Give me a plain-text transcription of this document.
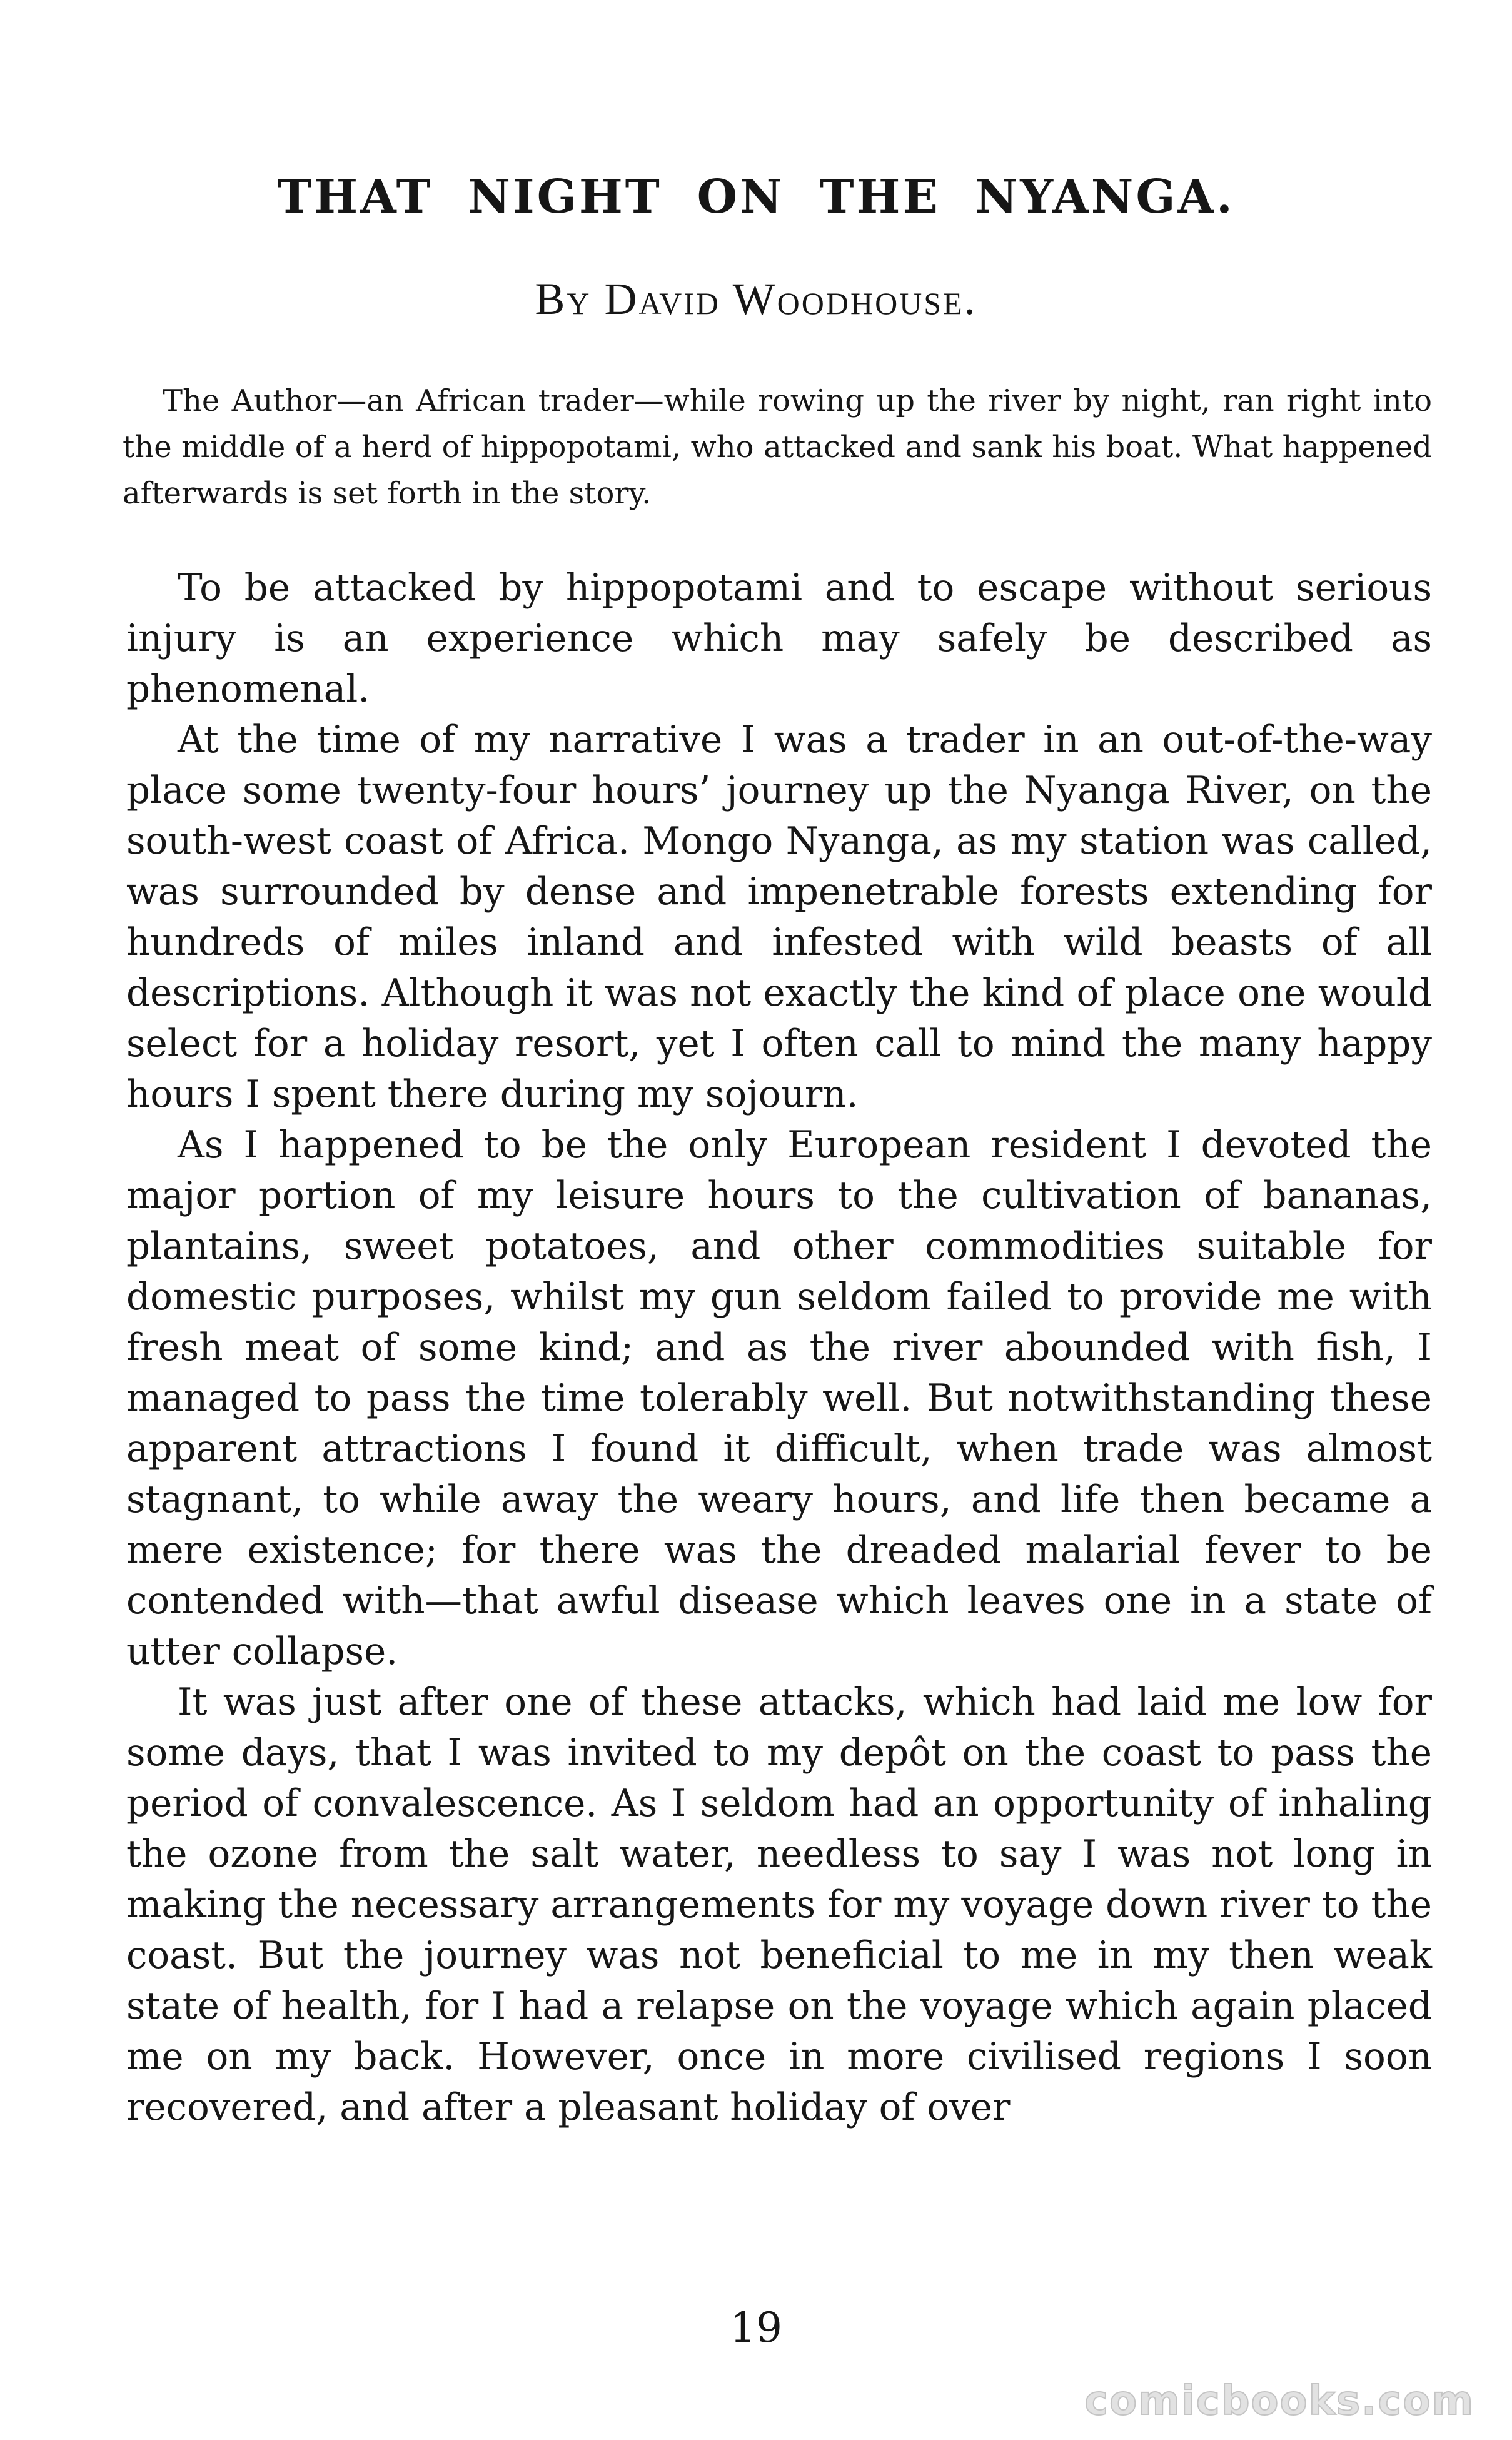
THAT NIGHT ON THE NYANGA.
By David Woodhouse.

The Author—an African trader—while rowing up the river by night, ran right into the middle of a herd of hippopotami, who attacked and sank his boat. What happened afterwards is set forth in the story.

To be attacked by hippopotami and to escape without serious injury is an experience which may safely be described as phenomenal.

At the time of my narrative I was a trader in an out-of-the-way place some twenty-four hours’ journey up the Nyanga River, on the south-west coast of Africa. Mongo Nyanga, as my station was called, was surrounded by dense and impenetrable forests extending for hundreds of miles inland and infested with wild beasts of all descriptions. Although it was not exactly the kind of place one would select for a holiday resort, yet I often call to mind the many happy hours I spent there during my sojourn.

As I happened to be the only European resident I devoted the major portion of my leisure hours to the cultivation of bananas, plantains, sweet potatoes, and other commodities suitable for domestic purposes, whilst my gun seldom failed to provide me with fresh meat of some kind; and as the river abounded with fish, I managed to pass the time tolerably well. But notwithstanding these apparent attractions I found it difficult, when trade was almost stagnant, to while away the weary hours, and life then became a mere existence; for there was the dreaded malarial fever to be contended with—that awful disease which leaves one in a state of utter collapse.

It was just after one of these attacks, which had laid me low for some days, that I was invited to my depôt on the coast to pass the period of convalescence. As I seldom had an opportunity of inhaling the ozone from the salt water, needless to say I was not long in making the necessary arrangements for my voyage down river to the coast. But the journey was not beneficial to me in my then weak state of health, for I had a relapse on the voyage which again placed me on my back. However, once in more civilised regions I soon recovered, and after a pleasant holiday of over

19
comicbooks.com
